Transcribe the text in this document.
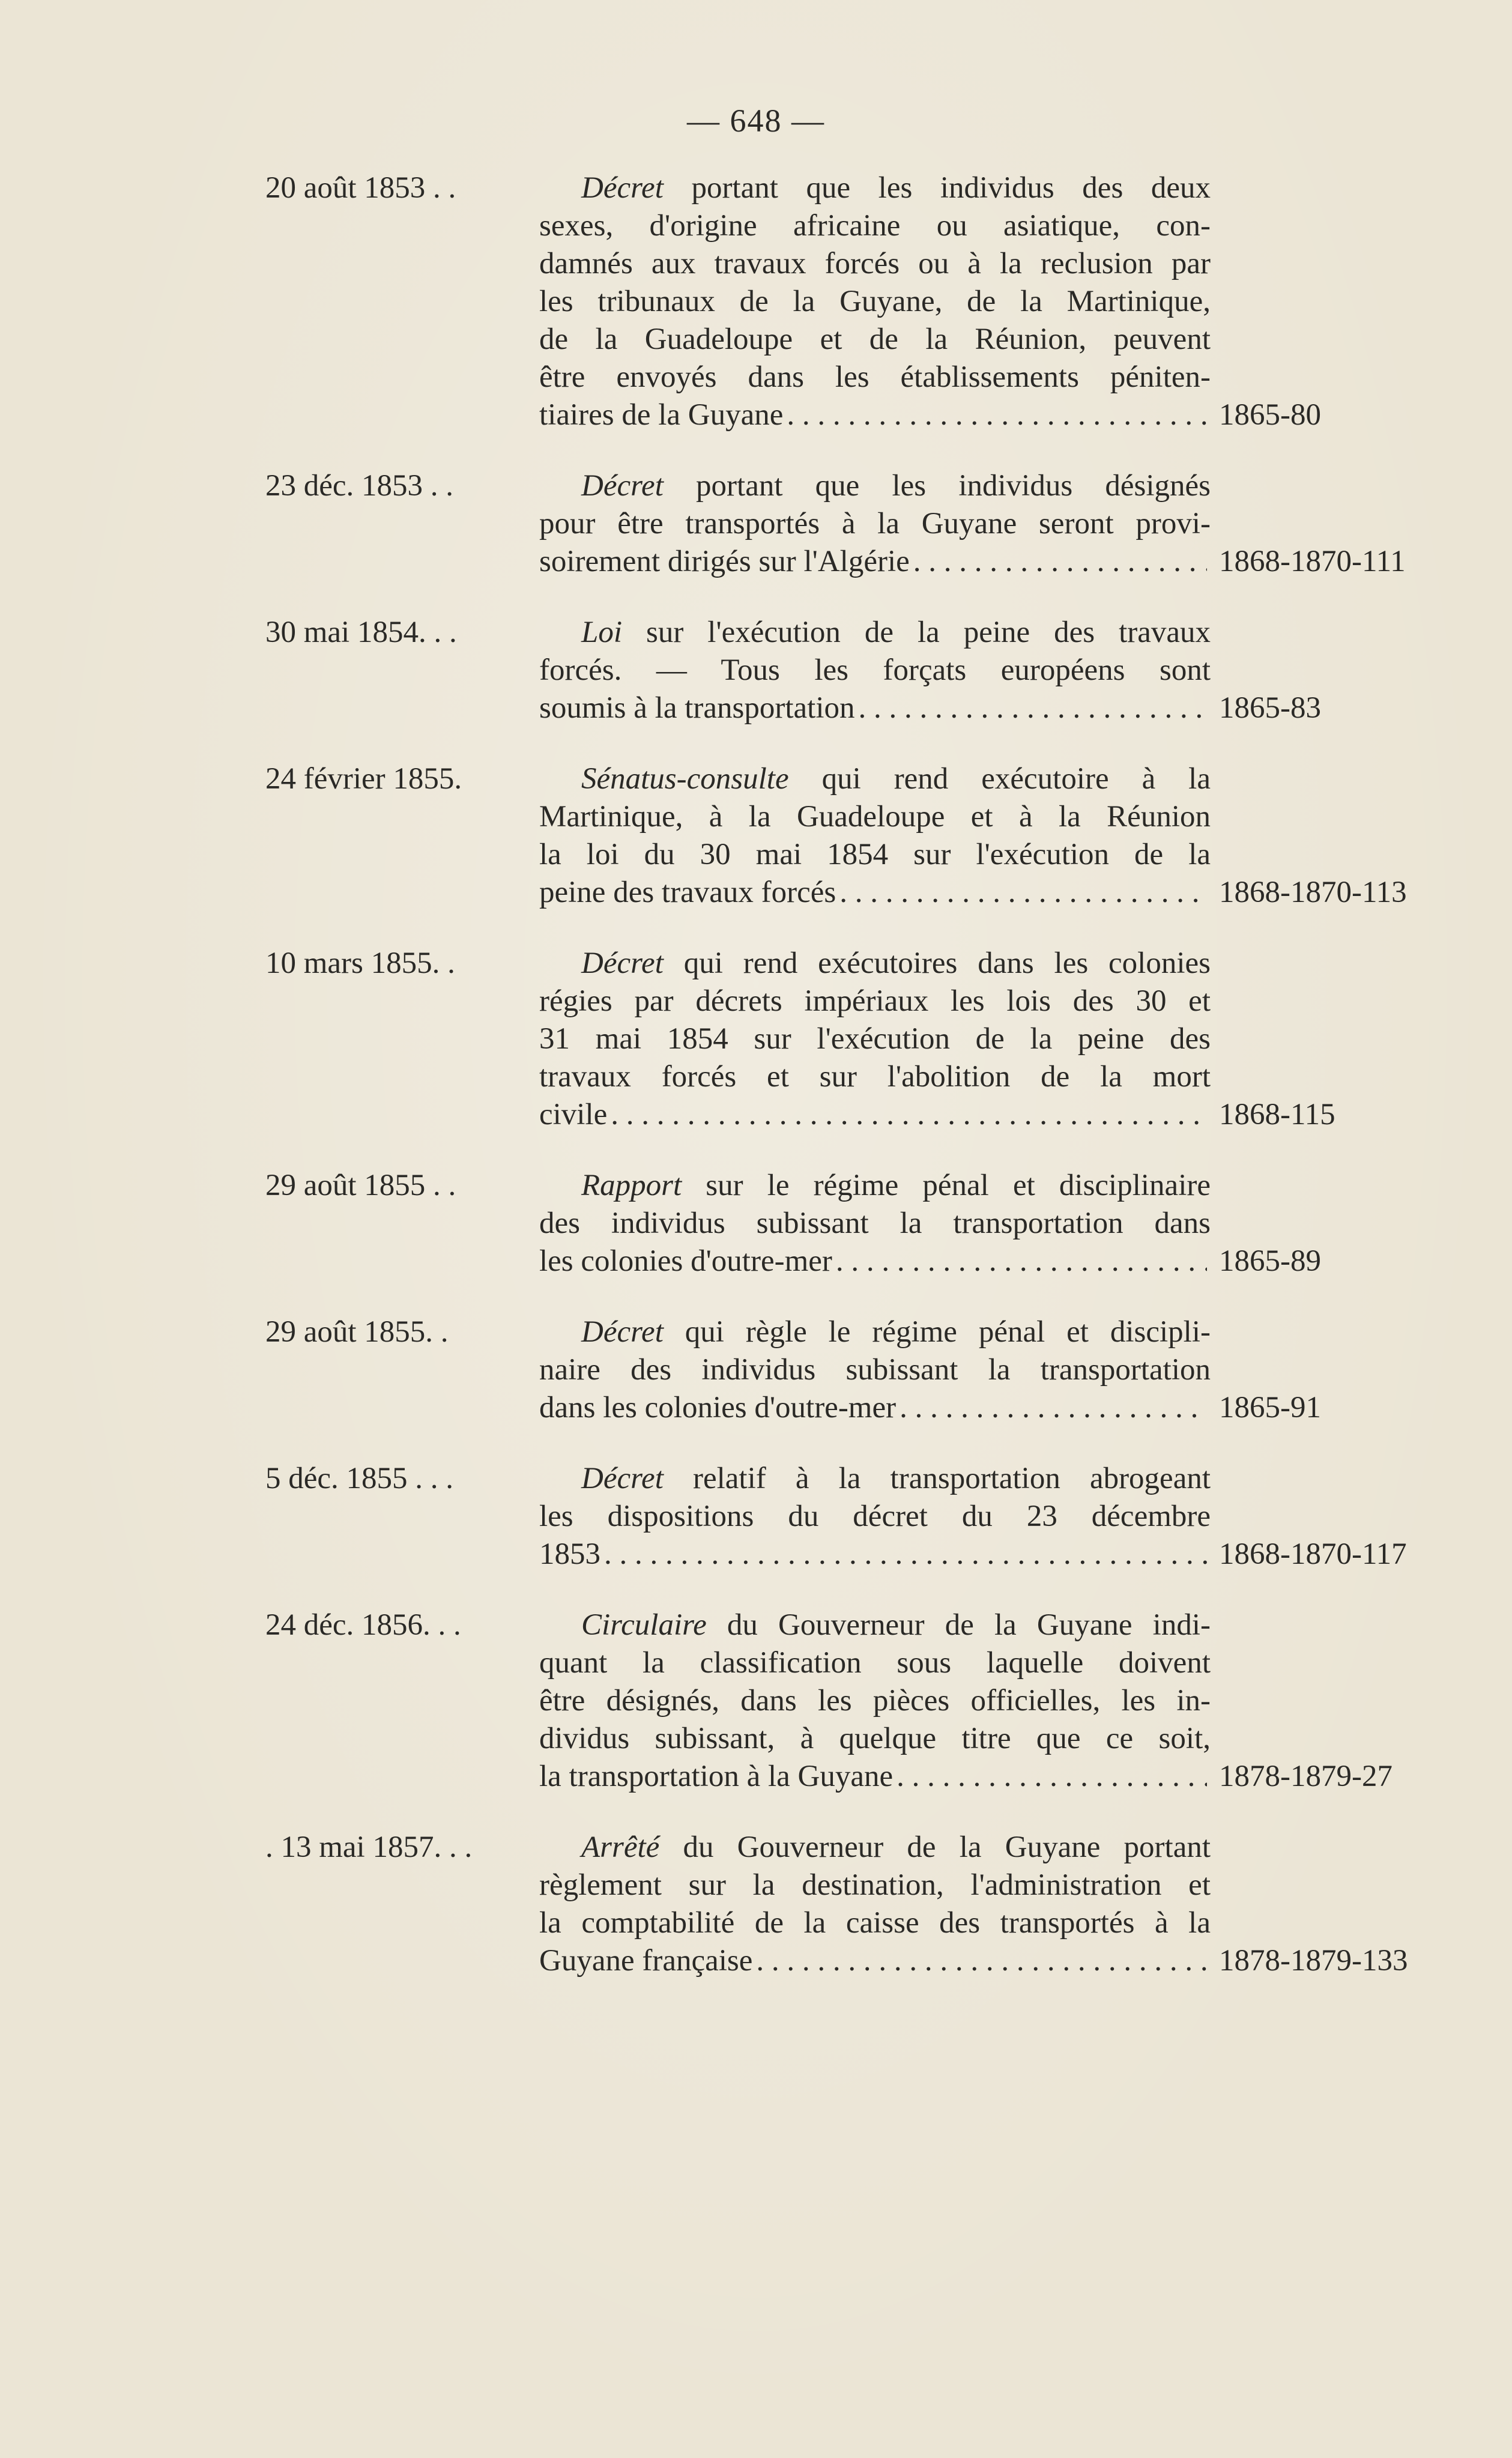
— 648 —
20 août 1853 . .	Décret portant que les individus des deux
sexes, d'origine africaine ou asiatique, con-
damnés aux travaux forcés ou à la reclusion par
les tribunaux de la Guyane, de la Martinique,
de la Guadeloupe et de la Réunion, peuvent
être envoyés dans les établissements péniten-
tiaires de la Guyane . . .	1865-80
23 déc. 1853 . .	Décret portant que les individus désignés
pour être transportés à la Guyane seront provi-
soirement dirigés sur l'Algérie . . .	1868-1870-111
30 mai 1854. . .	Loi sur l'exécution de la peine des travaux
forcés. — Tous les forçats européens sont
soumis à la transportation . . .	1865-83
24 février 1855.	Sénatus-consulte qui rend exécutoire à la
Martinique, à la Guadeloupe et à la Réunion
la loi du 30 mai 1854 sur l'exécution de la
peine des travaux forcés . . .	1868-1870-113
10 mars 1855. .	Décret qui rend exécutoires dans les colonies
régies par décrets impériaux les lois des 30 et
31 mai 1854 sur l'exécution de la peine des
travaux forcés et sur l'abolition de la mort
civile . . .	1868-115
29 août 1855 . .	Rapport sur le régime pénal et disciplinaire
des individus subissant la transportation dans
les colonies d'outre-mer . . .	1865-89
29 août 1855. .	Décret qui règle le régime pénal et discipli-
naire des individus subissant la transportation
dans les colonies d'outre-mer . . .	1865-91
5 déc. 1855 . . .	Décret relatif à la transportation abrogeant
les dispositions du décret du 23 décembre
1853 . . .	1868-1870-117
24 déc. 1856. . .	Circulaire du Gouverneur de la Guyane indi-
quant la classification sous laquelle doivent
être désignés, dans les pièces officielles, les in-
dividus subissant, à quelque titre que ce soit,
la transportation à la Guyane . . .	1878-1879-27
. 13 mai 1857. . .	Arrêté du Gouverneur de la Guyane portant
règlement sur la destination, l'administration et
la comptabilité de la caisse des transportés à la
Guyane française . . .	1878-1879-133
